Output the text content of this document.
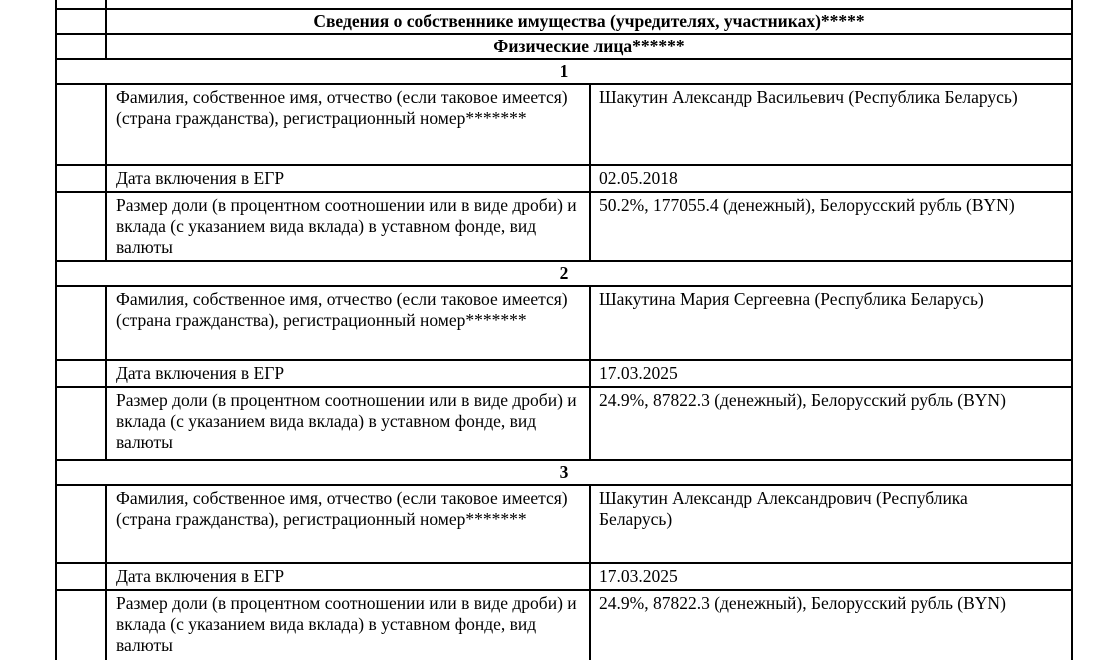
	Сведения о собственнике имущества (учредителях, участниках)*****	
	Физические лица******	
1		
	Фамилия, собственное имя, отчество (если таковое имеется) (страна гражданства), регистрационный номер*******	Шакутин Александр Васильевич (Республика Беларусь)
	Дата включения в ЕГР	02.05.2018
	Размер доли (в процентном соотношении или в виде дроби) и вклада (с указанием вида вклада) в уставном фонде, вид валюты	50.2%, 177055.4 (денежный), Белорусский рубль (BYN)
2		
	Фамилия, собственное имя, отчество (если таковое имеется) (страна гражданства), регистрационный номер*******	Шакутина Мария Сергеевна (Республика Беларусь)
	Дата включения в ЕГР	17.03.2025
	Размер доли (в процентном соотношении или в виде дроби) и вклада (с указанием вида вклада) в уставном фонде, вид валюты	24.9%, 87822.3 (денежный), Белорусский рубль (BYN)
3		
	Фамилия, собственное имя, отчество (если таковое имеется) (страна гражданства), регистрационный номер*******	Шакутин Александр Александрович (Республика Беларусь)
	Дата включения в ЕГР	17.03.2025
	Размер доли (в процентном соотношении или в виде дроби) и вклада (с указанием вида вклада) в уставном фонде, вид валюты	24.9%, 87822.3 (денежный), Белорусский рубль (BYN)
